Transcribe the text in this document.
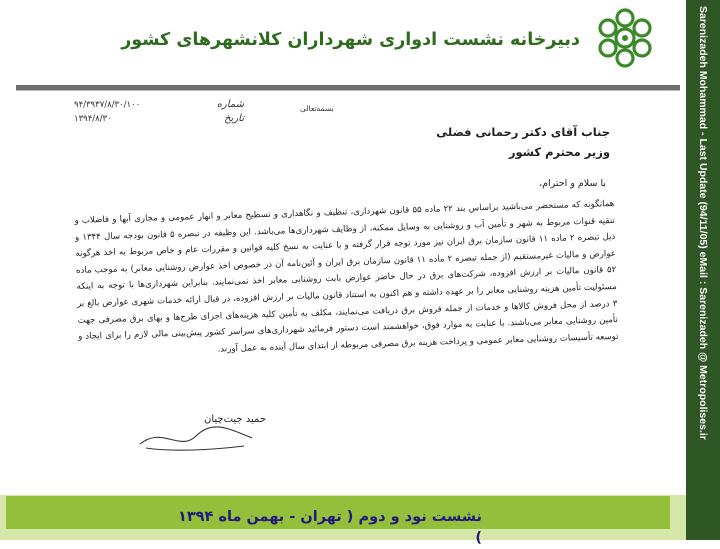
دبیرخانه نشست ادواری شهرداران کلانشهرهای کشور
شماره
۹۴/۳۹۳۷/۸/۳۰/۱۰۰
تاریخ
۱۳۹۴/۸/۳۰
بسمه‌تعالی
جناب آقای دکتر رحمانی فضلی
وزیر محترم کشور
با سلام و احترام،
همانگونه که مستحضر می‌باشید براساس بند ۲۲ ماده ۵۵ قانون شهرداری، تنظیف و نگاهداری و تسطیح معابر و انهار عمومی و مجاری آبها و فاضلاب و تنقیه قنوات مربوط به شهر و تأمین آب و روشنایی به وسایل ممکنه، از وظایف شهرداری‌ها می‌باشد. این وظیفه در تبصره ۵ قانون بودجه سال ۱۳۴۴ و ذیل تبصره ۲ ماده ۱۱ قانون سازمان برق ایران نیز مورد توجه قرار گرفته و با عنایت به نسخ کلیه قوانین و مقررات عام و خاص مربوط به اخذ هرگونه عوارض و مالیات غیرمستقیم (از جمله تبصره ۲ ماده ۱۱ قانون سازمان برق ایران و آئین‌نامه آن در خصوص اخذ عوارض روشنایی معابر) به موجب ماده ۵۲ قانون مالیات بر ارزش افزوده، شرکت‌های برق در حال حاضر عوارض بابت روشنایی معابر اخذ نمی‌نمایند. بنابراین شهرداری‌ها با توجه به اینکه مسئولیت تأمین هزینه روشنایی معابر را بر عهده داشته و هم اکنون به استناد قانون مالیات بر ارزش افزوده، در قبال ارائه خدمات شهری عوارض بالغ بر ۳ درصد از محل فروش کالاها و خدمات از جمله فروش برق دریافت می‌نمایند، مکلف به تأمین کلیه هزینه‌های اجرای طرح‌ها و بهای برق مصرفی جهت تأمین روشنایی معابر می‌باشند. با عنایت به موارد فوق، خواهشمند است دستور فرمائید شهرداری‌های سراسر کشور پیش‌بینی مالی لازم را برای ایجاد و توسعه تأسیسات روشنایی معابر عمومی و پرداخت هزینه برق مصرفی مربوطه از ابتدای سال آینده به عمل آورند.
حمید جیت‌چیان	Sarenizadeh Mohammad - Last Update (94/11/05) eMail : Sarenizadeh @ Metropolises.ir
نشست نود و دوم ( تهران - بهمن ماه ۱۳۹۴ )
